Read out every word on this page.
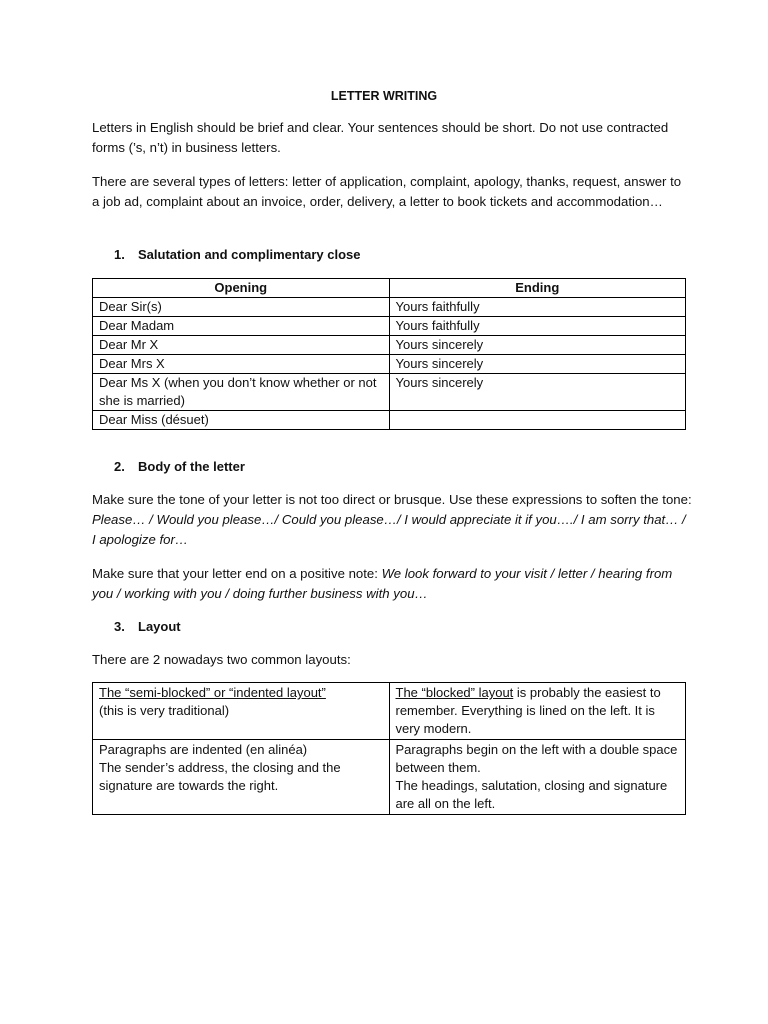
LETTER WRITING

Letters in English should be brief and clear. Your sentences should be short. Do not use contracted forms (’s, n’t) in business letters.

There are several types of letters: letter of application, complaint, apology, thanks, request, answer to a job ad, complaint about an invoice, order, delivery, a letter to book tickets and accommodation…

1. Salutation and complimentary close
Opening	Ending
Dear Sir(s)	Yours faithfully
Dear Madam	Yours faithfully
Dear Mr X	Yours sincerely
Dear Mrs X	Yours sincerely
Dear Ms X (when you don’t know whether or not she is married)	Yours sincerely
Dear Miss (désuet)	
2. Body of the letter

Make sure the tone of your letter is not too direct or brusque. Use these expressions to soften the tone: Please… / Would you please…/ Could you please…/ I would appreciate it if you…./ I am sorry that… / I apologize for…

Make sure that your letter end on a positive note: We look forward to your visit / letter / hearing from you / working with you / doing further business with you…

3. Layout

There are 2 nowadays two common layouts:

The “semi-blocked” or “indented layout”
(this is very traditional)	The “blocked” layout is probably the easiest to remember. Everything is lined on the left. It is very modern.
Paragraphs are indented (en alinéa)
The sender’s address, the closing and the signature are towards the right.	Paragraphs begin on the left with a double space between them.
The headings, salutation, closing and signature are all on the left.
